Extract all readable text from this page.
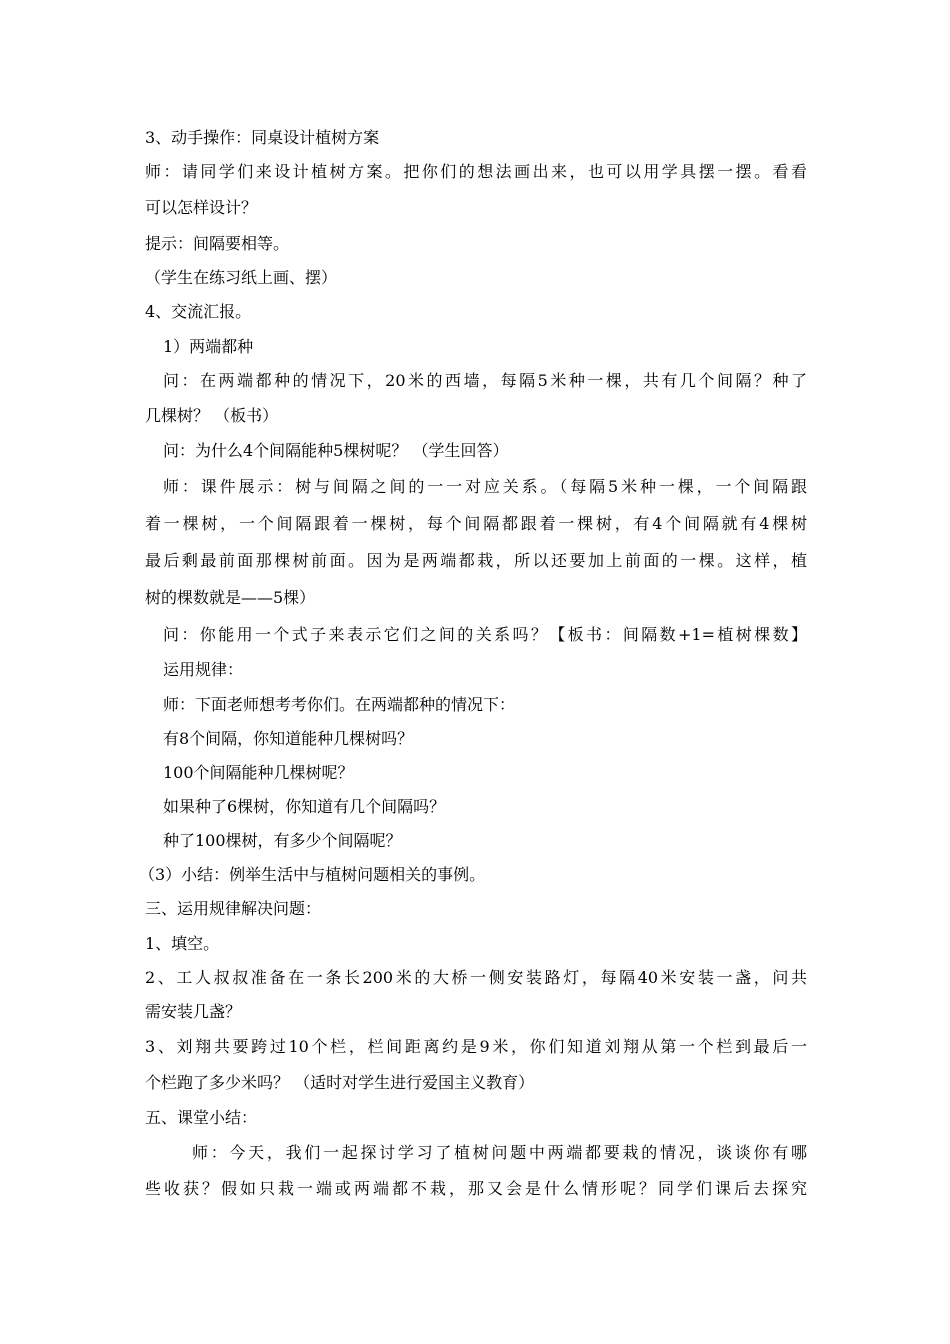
3、动手操作：同桌设计植树方案
师：请同学们来设计植树方案。把你们的想法画出来，也可以用学具摆一摆。看看
可以怎样设计？
提示：间隔要相等。
（学生在练习纸上画、摆）
4、交流汇报。
1）两端都种
问：在两端都种的情况下，20米的西墙，每隔5米种一棵，共有几个间隔？种了
几棵树？ （板书）
问：为什么4个间隔能种5棵树呢？ （学生回答）
师：课件展示：树与间隔之间的一一对应关系。（每隔5米种一棵，一个间隔跟
着一棵树，一个间隔跟着一棵树，每个间隔都跟着一棵树，有4个间隔就有4棵树
最后剩最前面那棵树前面。因为是两端都栽，所以还要加上前面的一棵。这样，植
树的棵数就是——5棵）
问：你能用一个式子来表示它们之间的关系吗？【板书：间隔数+1=植树棵数】
运用规律：
师：下面老师想考考你们。在两端都种的情况下：
有8个间隔，你知道能种几棵树吗？
100个间隔能种几棵树呢？
如果种了6棵树，你知道有几个间隔吗？
种了100棵树，有多少个间隔呢？
（3）小结：例举生活中与植树问题相关的事例。
三、运用规律解决问题：
1、填空。
2、工人叔叔准备在一条长200米的大桥一侧安装路灯，每隔40米安装一盏，问共
需安装几盏？
3、刘翔共要跨过10个栏，栏间距离约是9米，你们知道刘翔从第一个栏到最后一
个栏跑了多少米吗？ （适时对学生进行爱国主义教育）
五、课堂小结：
师：今天，我们一起探讨学习了植树问题中两端都要栽的情况，谈谈你有哪
些收获？假如只栽一端或两端都不栽，那又会是什么情形呢？同学们课后去探究
